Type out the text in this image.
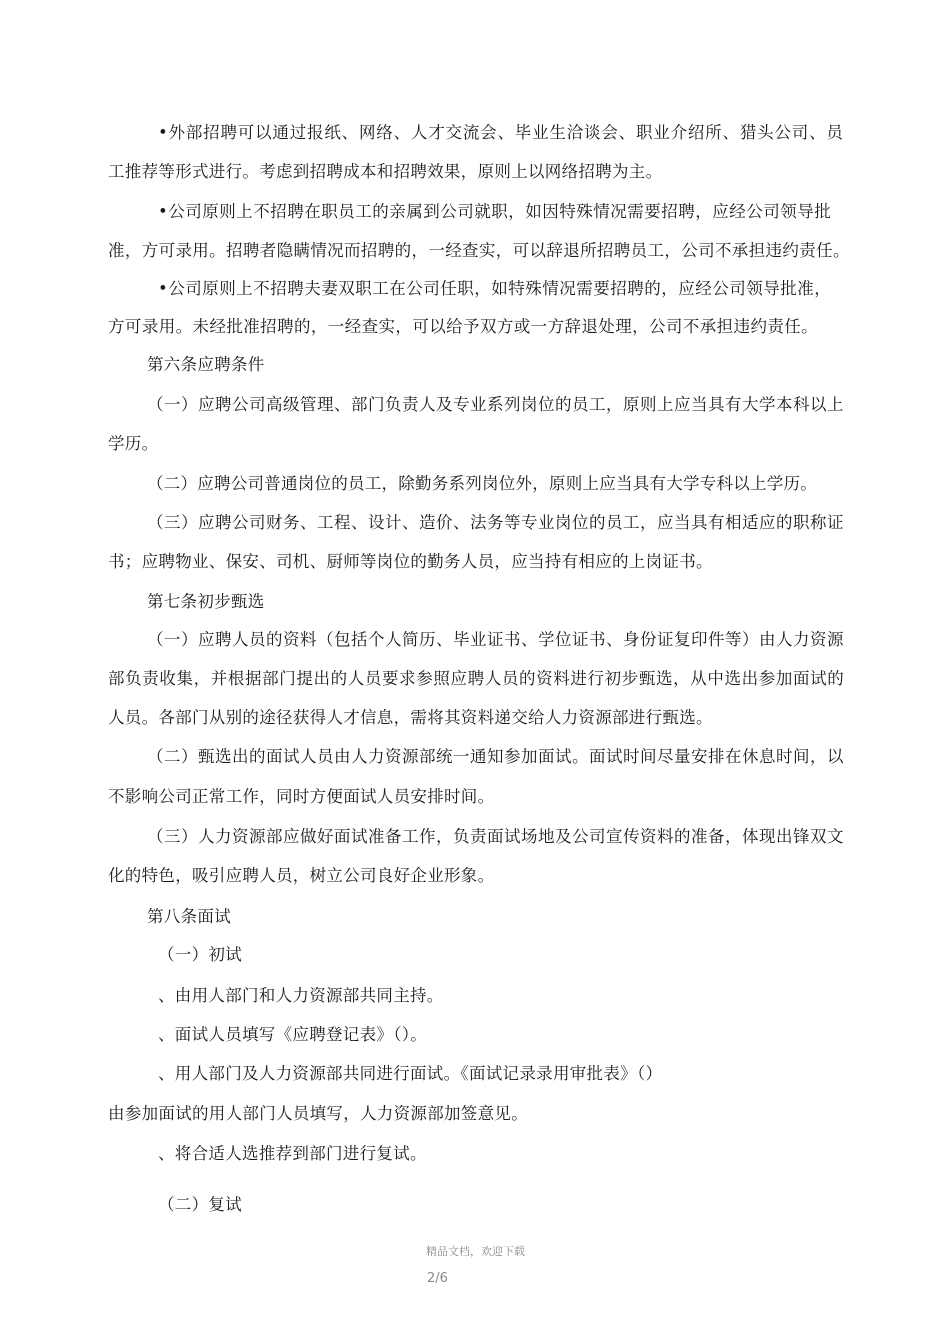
• 外 部 招 聘 可 以 通 过 报 纸 、 网 络 、 人 才 交 流 会 、 毕 业 生 洽 谈 会 、 职 业 介 绍 所 、 猎 头 公 司 、 员
工推荐等形式进行。考虑到招聘成本和招聘效果，原则上以网络招聘为主。
• 公 司 原 则 上 不 招 聘 在 职 员 工 的 亲 属 到 公 司 就 职 ， 如 因 特 殊 情 况 需 要 招 聘 ， 应 经 公 司 领 导 批
准 ， 方 可 录 用 。 招 聘 者 隐 瞒 情 况 而 招 聘 的 ， 一 经 查 实 ， 可 以 辞 退 所 招 聘 员 工 ， 公 司 不 承 担 违 约 责 任 。
• 公 司 原 则 上 不 招 聘 夫 妻 双 职 工 在 公 司 任 职 ， 如 特 殊 情 况 需 要 招 聘 的 ， 应 经 公 司 领 导 批 准 ，
方 可 录 用 。 未 经 批 准 招 聘 的 ， 一 经 查 实 ， 可 以 给 予 双 方 或 一 方 辞 退 处 理 ， 公 司 不 承 担 违 约 责 任 。
第六条应聘条件
（ 一 ） 应 聘 公 司 高 级 管 理 、 部 门 负 责 人 及 专 业 系 列 岗 位 的 员 工 ， 原 则 上 应 当 具 有 大 学 本 科 以 上
学历。
（ 二 ） 应 聘 公 司 普 通 岗 位 的 员 工 ， 除 勤 务 系 列 岗 位 外 ， 原 则 上 应 当 具 有 大 学 专 科 以 上 学 历 。
（ 三 ） 应 聘 公 司 财 务 、 工 程 、 设 计 、 造 价 、 法 务 等 专 业 岗 位 的 员 工 ， 应 当 具 有 相 适 应 的 职 称 证
书；应聘物业、保安、司机、厨师等岗位的勤务人员，应当持有相应的上岗证书。
第七条初步甄选
（ 一 ） 应 聘 人 员 的 资 料 （ 包 括 个 人 简 历 、 毕 业 证 书 、 学 位 证 书 、 身 份 证 复 印 件 等 ） 由 人 力 资 源
部 负 责 收 集 ， 并 根 据 部 门 提 出 的 人 员 要 求 参 照 应 聘 人 员 的 资 料 进 行 初 步 甄 选 ， 从 中 选 出 参 加 面 试 的
人员。各部门从别的途径获得人才信息，需将其资料递交给人力资源部进行甄选。
（ 二 ） 甄 选 出 的 面 试 人 员 由 人 力 资 源 部 统 一 通 知 参 加 面 试 。 面 试 时 间 尽 量 安 排 在 休 息 时 间 ， 以
不影响公司正常工作，同时方便面试人员安排时间。
（ 三 ） 人 力 资 源 部 应 做 好 面 试 准 备 工 作 ， 负 责 面 试 场 地 及 公 司 宣 传 资 料 的 准 备 ， 体 现 出 锋 双 文
化的特色，吸引应聘人员，树立公司良好企业形象。
第八条面试
（一）初试
、由用人部门和人力资源部共同主持。
、面试人员填写《应聘登记表》（）。
、用人部门及人力资源部共同进行面试。《面试记录录用审批表》（）
由参加面试的用人部门人员填写，人力资源部加签意见。
、将合适人选推荐到部门进行复试。
（二）复试
精品文档，欢迎下载
2/6
